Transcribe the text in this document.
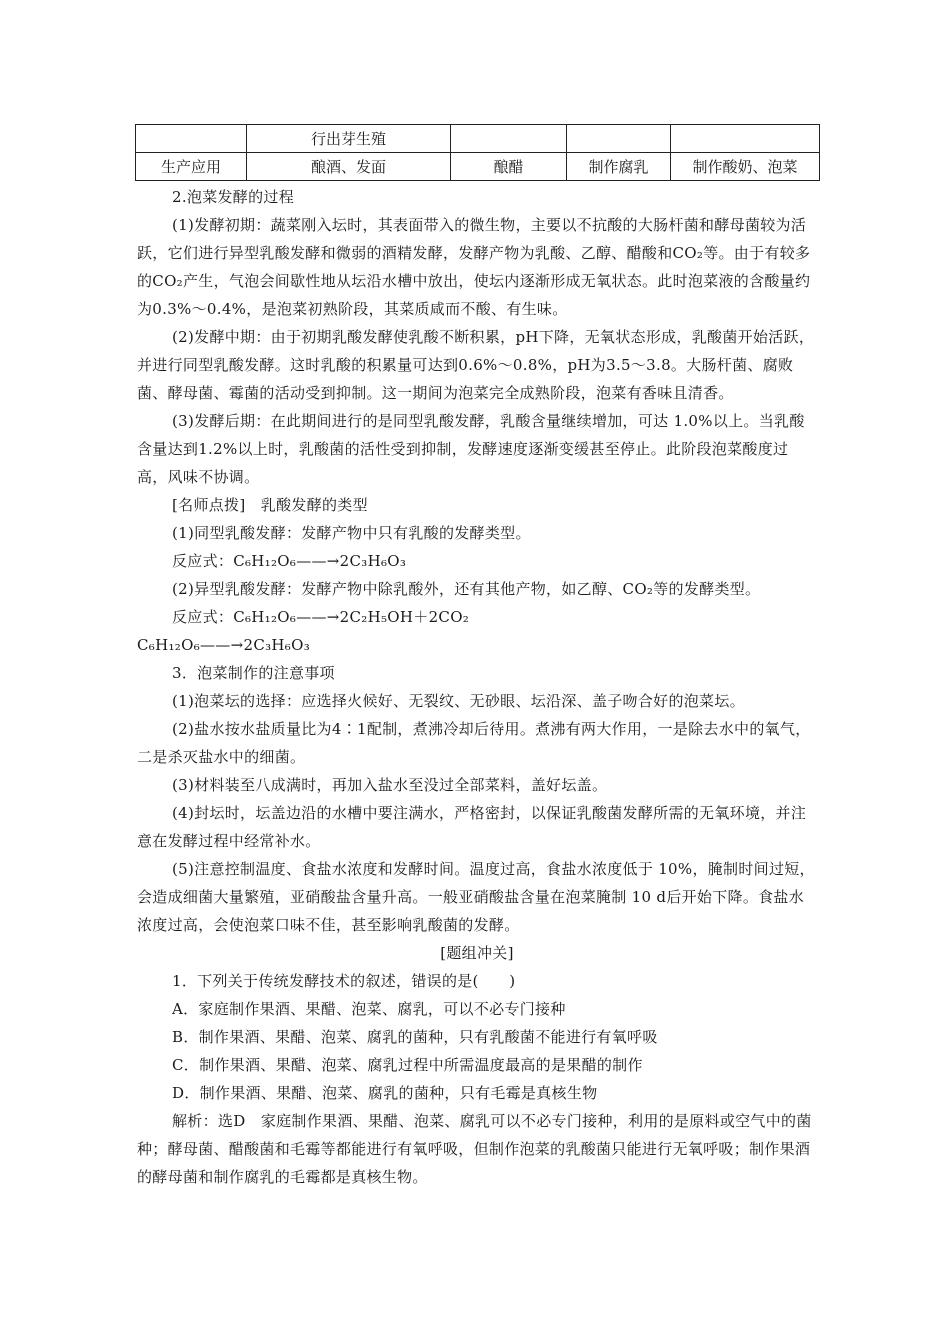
	行出芽生殖			
生产应用	酿酒、发面	酿醋	制作腐乳	制作酸奶、泡菜

2.泡菜发酵的过程

(1)发酵初期：蔬菜刚入坛时，其表面带入的微生物，主要以不抗酸的大肠杆菌和酵母菌较为活跃，它们进行异型乳酸发酵和微弱的酒精发酵，发酵产物为乳酸、乙醇、醋酸和CO₂等。由于有较多的CO₂产生，气泡会间歇性地从坛沿水槽中放出，使坛内逐渐形成无氧状态。此时泡菜液的含酸量约为0.3%～0.4%，是泡菜初熟阶段，其菜质咸而不酸、有生味。

(2)发酵中期：由于初期乳酸发酵使乳酸不断积累，pH下降，无氧状态形成，乳酸菌开始活跃，并进行同型乳酸发酵。这时乳酸的积累量可达到0.6%～0.8%，pH为3.5～3.8。大肠杆菌、腐败菌、酵母菌、霉菌的活动受到抑制。这一期间为泡菜完全成熟阶段，泡菜有香味且清香。

(3)发酵后期：在此期间进行的是同型乳酸发酵，乳酸含量继续增加，可达 1.0%以上。当乳酸含量达到1.2%以上时，乳酸菌的活性受到抑制，发酵速度逐渐变缓甚至停止。此阶段泡菜酸度过高，风味不协调。

[名师点拨]　乳酸发酵的类型

(1)同型乳酸发酵：发酵产物中只有乳酸的发酵类型。

反应式：C₆H₁₂O₆——→2C₃H₆O₃

(2)异型乳酸发酵：发酵产物中除乳酸外，还有其他产物，如乙醇、CO₂等的发酵类型。

反应式：C₆H₁₂O₆——→2C₂H₅OH＋2CO₂

C₆H₁₂O₆——→2C₃H₆O₃

3．泡菜制作的注意事项

(1)泡菜坛的选择：应选择火候好、无裂纹、无砂眼、坛沿深、盖子吻合好的泡菜坛。

(2)盐水按水盐质量比为4∶1配制，煮沸冷却后待用。煮沸有两大作用，一是除去水中的氧气，二是杀灭盐水中的细菌。

(3)材料装至八成满时，再加入盐水至没过全部菜料，盖好坛盖。

(4)封坛时，坛盖边沿的水槽中要注满水，严格密封，以保证乳酸菌发酵所需的无氧环境，并注意在发酵过程中经常补水。

(5)注意控制温度、食盐水浓度和发酵时间。温度过高，食盐水浓度低于 10%，腌制时间过短，会造成细菌大量繁殖，亚硝酸盐含量升高。一般亚硝酸盐含量在泡菜腌制 10 d后开始下降。食盐水浓度过高，会使泡菜口味不佳，甚至影响乳酸菌的发酵。

[题组冲关]

1．下列关于传统发酵技术的叙述，错误的是(　　)

A．家庭制作果酒、果醋、泡菜、腐乳，可以不必专门接种

B．制作果酒、果醋、泡菜、腐乳的菌种，只有乳酸菌不能进行有氧呼吸

C．制作果酒、果醋、泡菜、腐乳过程中所需温度最高的是果醋的制作

D．制作果酒、果醋、泡菜、腐乳的菌种，只有毛霉是真核生物

解析：选D　家庭制作果酒、果醋、泡菜、腐乳可以不必专门接种，利用的是原料或空气中的菌种；酵母菌、醋酸菌和毛霉等都能进行有氧呼吸，但制作泡菜的乳酸菌只能进行无氧呼吸；制作果酒的酵母菌和制作腐乳的毛霉都是真核生物。
